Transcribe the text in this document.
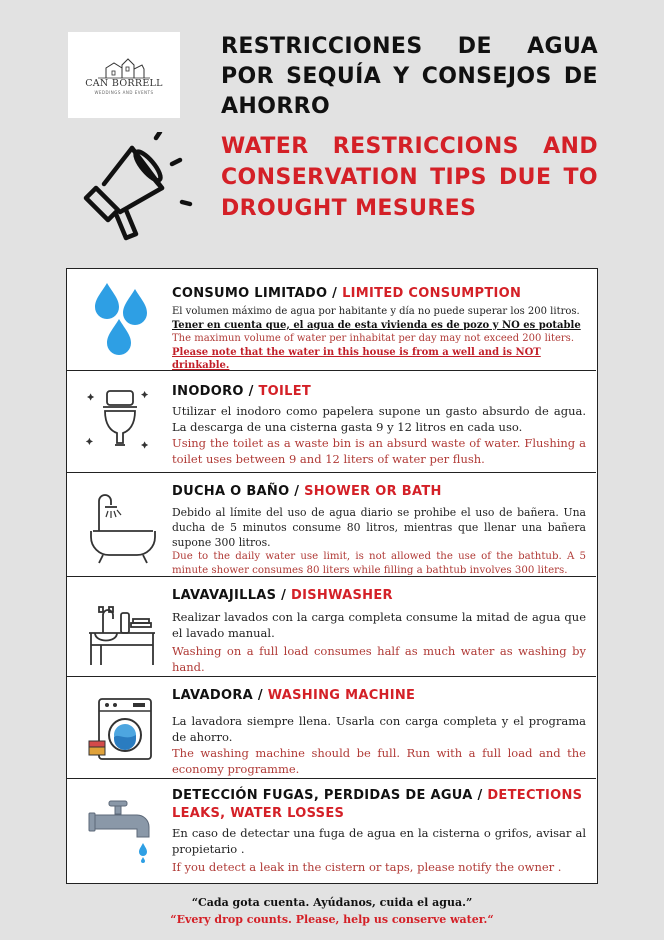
CAN BORRELL
WEDDINGS AND EVENTS
RESTRICCIONES DE AGUA POR SEQUÍA Y CONSEJOS DE AHORRO
WATER RESTRICCIONS AND CONSERVATION TIPS DUE TO DROUGHT MESURES
CONSUMO LIMITADO / LIMITED CONSUMPTION
El volumen máximo de agua por habitante y día no puede superar los 200 litros.
Tener en cuenta que, el agua de esta vivienda es de pozo y NO es potable
The maximun volume of water per inhabitat per day may not exceed 200 liters.
Please note that the water in this house is from a well and is NOT drinkable.
INODORO / TOILET
Utilizar el inodoro como papelera supone un gasto absurdo de agua. La descarga de una cisterna gasta 9 y 12 litros en cada uso.
Using the toilet as a waste bin is an absurd waste of water. Flushing a toilet uses between 9 and 12 liters of water per flush.
DUCHA O BAÑO / SHOWER OR BATH
Debido al límite del uso de agua diario se prohibe el uso de bañera. Una ducha de 5 minutos consume 80 litros, mientras que llenar una bañera supone 300 litros.
Due to the daily water use limit, is not allowed the use of the bathtub. A 5 minute shower consumes 80 liters while filling a bathtub involves 300 liters.
LAVAVAJILLAS / DISHWASHER
Realizar lavados con la carga completa consume la mitad de agua que el lavado manual.
Washing on a full load consumes half as much water as washing by hand.
LAVADORA / WASHING MACHINE
La lavadora siempre llena. Usarla con carga completa y el programa de ahorro.
The washing machine should be full. Run with a full load and the economy programme.
DETECCIÓN FUGAS, PERDIDAS DE AGUA / DETECTIONS LEAKS, WATER LOSSES
En caso de detectar una fuga de agua en la cisterna o grifos, avisar al propietario .
If you detect a leak in the cistern or taps, please notify the owner .
“Cada gota cuenta. Ayúdanos, cuida el agua.”
“Every drop counts. Please, help us conserve water.“
